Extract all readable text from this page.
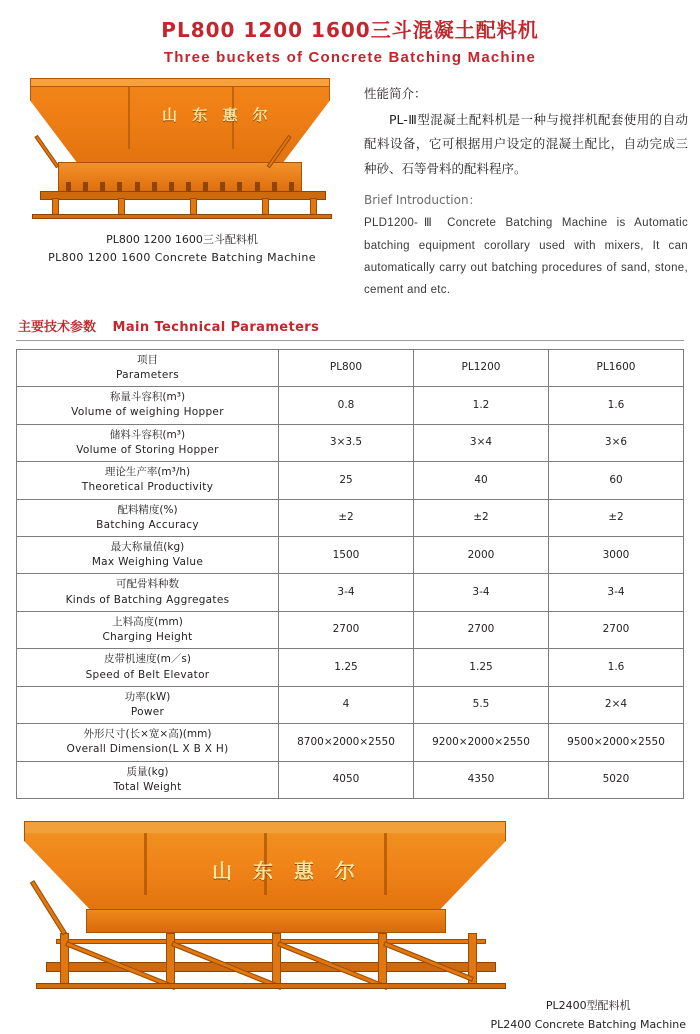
PL800 1200 1600三斗混凝土配料机
Three buckets of Concrete Batching Machine
山 东 惠 尔
PL800 1200 1600三斗配料机
PL800 1200 1600 Concrete Batching Machine

性能简介：

PL-Ⅲ型混凝土配料机是一种与搅拌机配套使用的自动配料设备，它可根据用户设定的混凝土配比，自动完成三种砂、石等骨料的配料程序。

Brief Introduction：

PLD1200-Ⅲ Concrete Batching Machine is Automatic batching equipment corollary used with mixers, It can automatically carry out batching procedures of sand, stone, cement and etc.

主要技术参数 Main Technical Parameters
项目
Parameters	PL800	PL1200	PL1600

称量斗容积(m³)
Volume of weighing Hopper	0.8	1.2	1.6

储料斗容积(m³)
Volume of Storing Hopper	3×3.5	3×4	3×6

理论生产率(m³/h)
Theoretical Productivity	25	40	60

配料精度(%)
Batching Accuracy	±2	±2	±2

最大称量值(kg)
Max Weighing Value	1500	2000	3000

可配骨料种数
Kinds of Batching Aggregates	3-4	3-4	3-4

上料高度(mm)
Charging Height	2700	2700	2700

皮带机速度(m／s)
Speed of Belt Elevator	1.25	1.25	1.6

功率(kW)
Power	4	5.5	2×4

外形尺寸(长×宽×高)(mm)
Overall Dimension(L X B X H)	8700×2000×2550	9200×2000×2550	9500×2000×2550

质量(kg)
Total Weight	4050	4350	5020
山 东 惠 尔
PL2400型配料机
PL2400 Concrete Batching Machine
